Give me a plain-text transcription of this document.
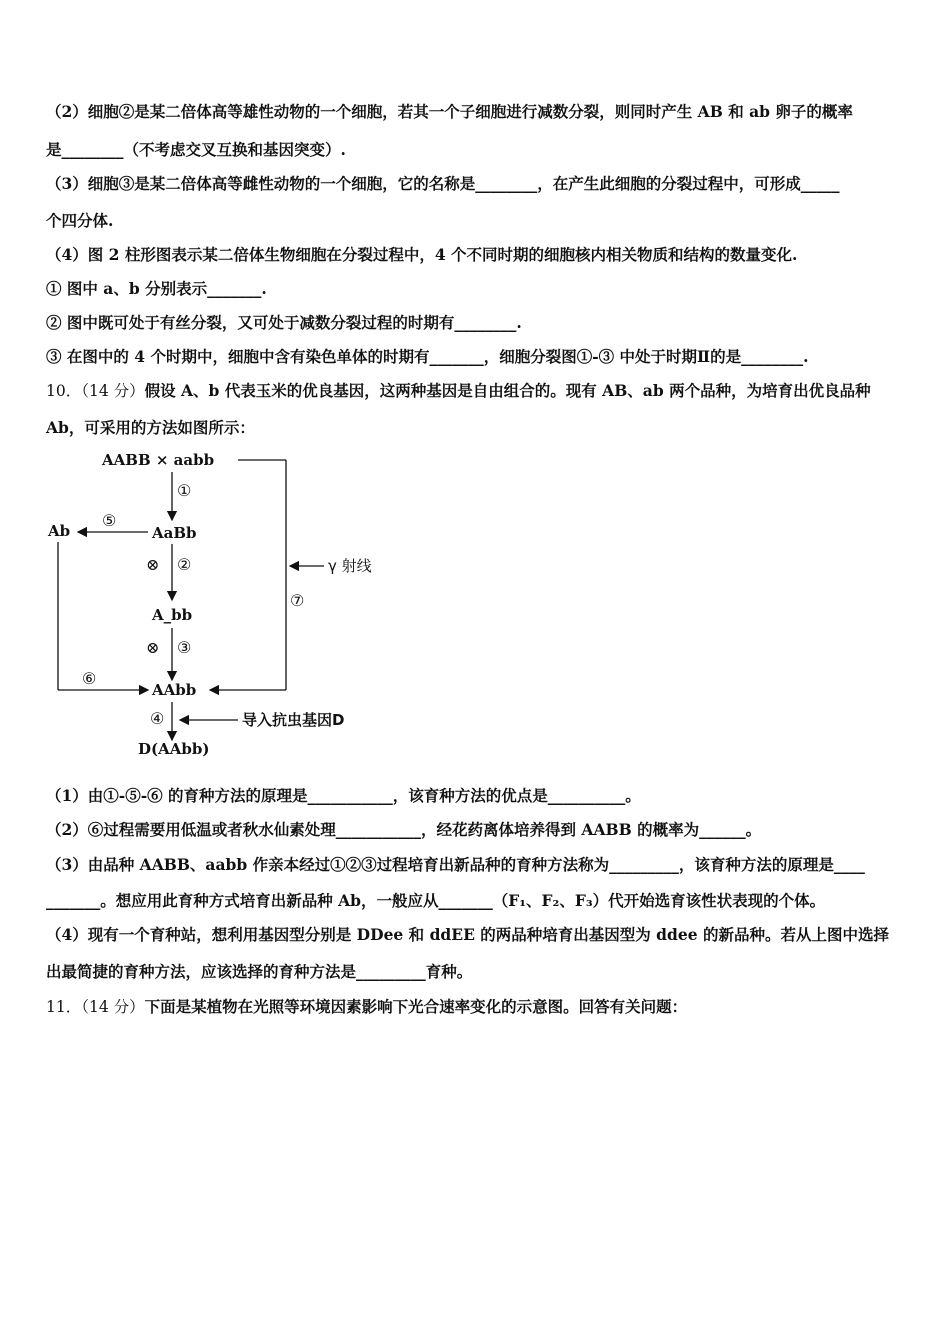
（2）细胞②是某二倍体高等雄性动物的一个细胞，若其一个子细胞进行减数分裂，则同时产生 AB 和 ab 卵子的概率
是________（不考虑交叉互换和基因突变）.
（3）细胞③是某二倍体高等雌性动物的一个细胞，它的名称是________，在产生此细胞的分裂过程中，可形成_____
个四分体.
（4）图 2 柱形图表示某二倍体生物细胞在分裂过程中，4 个不同时期的细胞核内相关物质和结构的数量变化.
① 图中 a、b 分别表示_______.
② 图中既可处于有丝分裂，又可处于减数分裂过程的时期有________.
③ 在图中的 4 个时期中，细胞中含有染色单体的时期有_______，细胞分裂图①-③ 中处于时期Ⅱ的是________.
10．（14 分）假设 A、b 代表玉米的优良基因，这两种基因是自由组合的。现有 AB、ab 两个品种，为培育出优良品种
Ab，可采用的方法如图所示：
AABB × aabb
①
AaBb
⑤
Ab
⑥
⊗ ②
A_bb
⊗ ③
AAbb
γ 射线
⑦
④	导入抗虫基因D
D(AAbb)
（1）由①-⑤-⑥ 的育种方法的原理是___________，该育种方法的优点是__________。
（2）⑥过程需要用低温或者秋水仙素处理___________，经花药离体培养得到 AABB 的概率为______。
（3）由品种 AABB、aabb 作亲本经过①②③过程培育出新品种的育种方法称为_________，该育种方法的原理是____
_______。想应用此育种方式培育出新品种 Ab，一般应从_______（F₁、F₂、F₃）代开始选育该性状表现的个体。
（4）现有一个育种站，想利用基因型分别是 DDee 和 ddEE 的两品种培育出基因型为 ddee 的新品种。若从上图中选择
出最简捷的育种方法，应该选择的育种方法是_________育种。
11．（14 分）下面是某植物在光照等环境因素影响下光合速率变化的示意图。回答有关问题：
